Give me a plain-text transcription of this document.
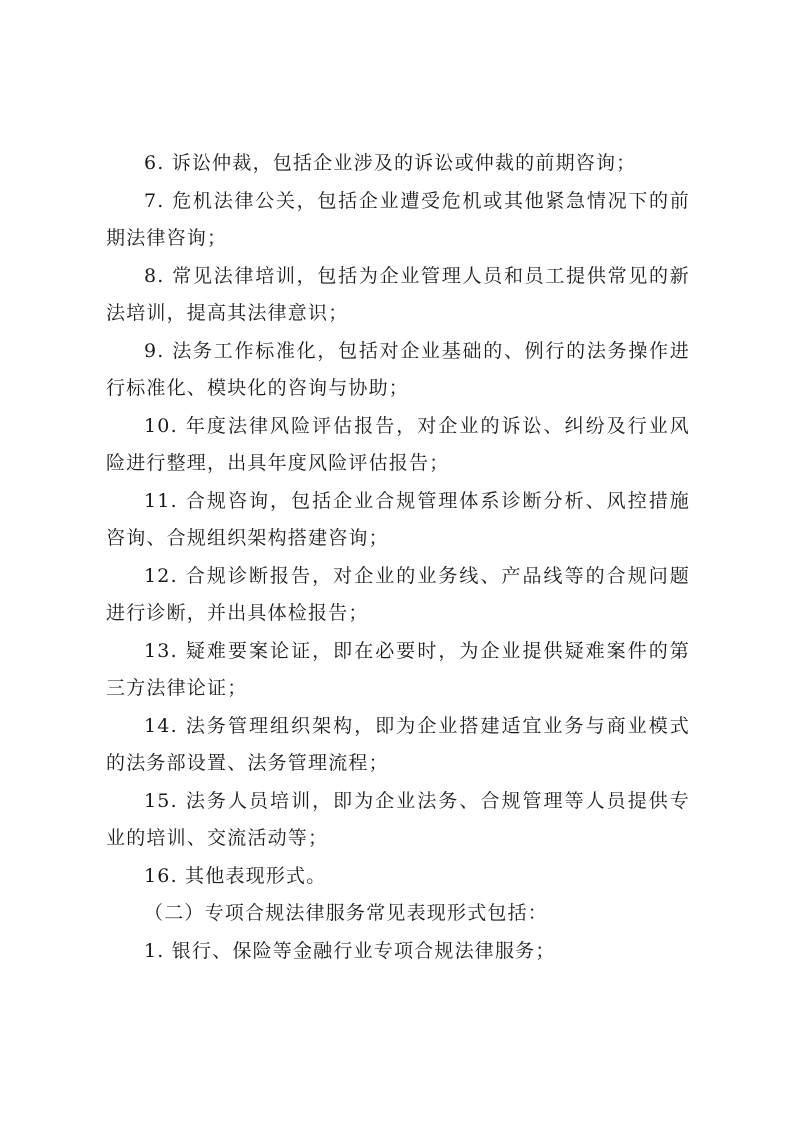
6. 诉讼仲裁，包括企业涉及的诉讼或仲裁的前期咨询；

7. 危机法律公关，包括企业遭受危机或其他紧急情况下的前期法律咨询；

8. 常见法律培训，包括为企业管理人员和员工提供常见的新法培训，提高其法律意识；

9. 法务工作标准化，包括对企业基础的、例行的法务操作进行标准化、模块化的咨询与协助；

10. 年度法律风险评估报告，对企业的诉讼、纠纷及行业风险进行整理，出具年度风险评估报告；

11. 合规咨询，包括企业合规管理体系诊断分析、风控措施咨询、合规组织架构搭建咨询；

12. 合规诊断报告，对企业的业务线、产品线等的合规问题进行诊断，并出具体检报告；

13. 疑难要案论证，即在必要时，为企业提供疑难案件的第三方法律论证；

14. 法务管理组织架构，即为企业搭建适宜业务与商业模式的法务部设置、法务管理流程；

15. 法务人员培训，即为企业法务、合规管理等人员提供专业的培训、交流活动等；

16. 其他表现形式。

（二）专项合规法律服务常见表现形式包括：

1. 银行、保险等金融行业专项合规法律服务；
